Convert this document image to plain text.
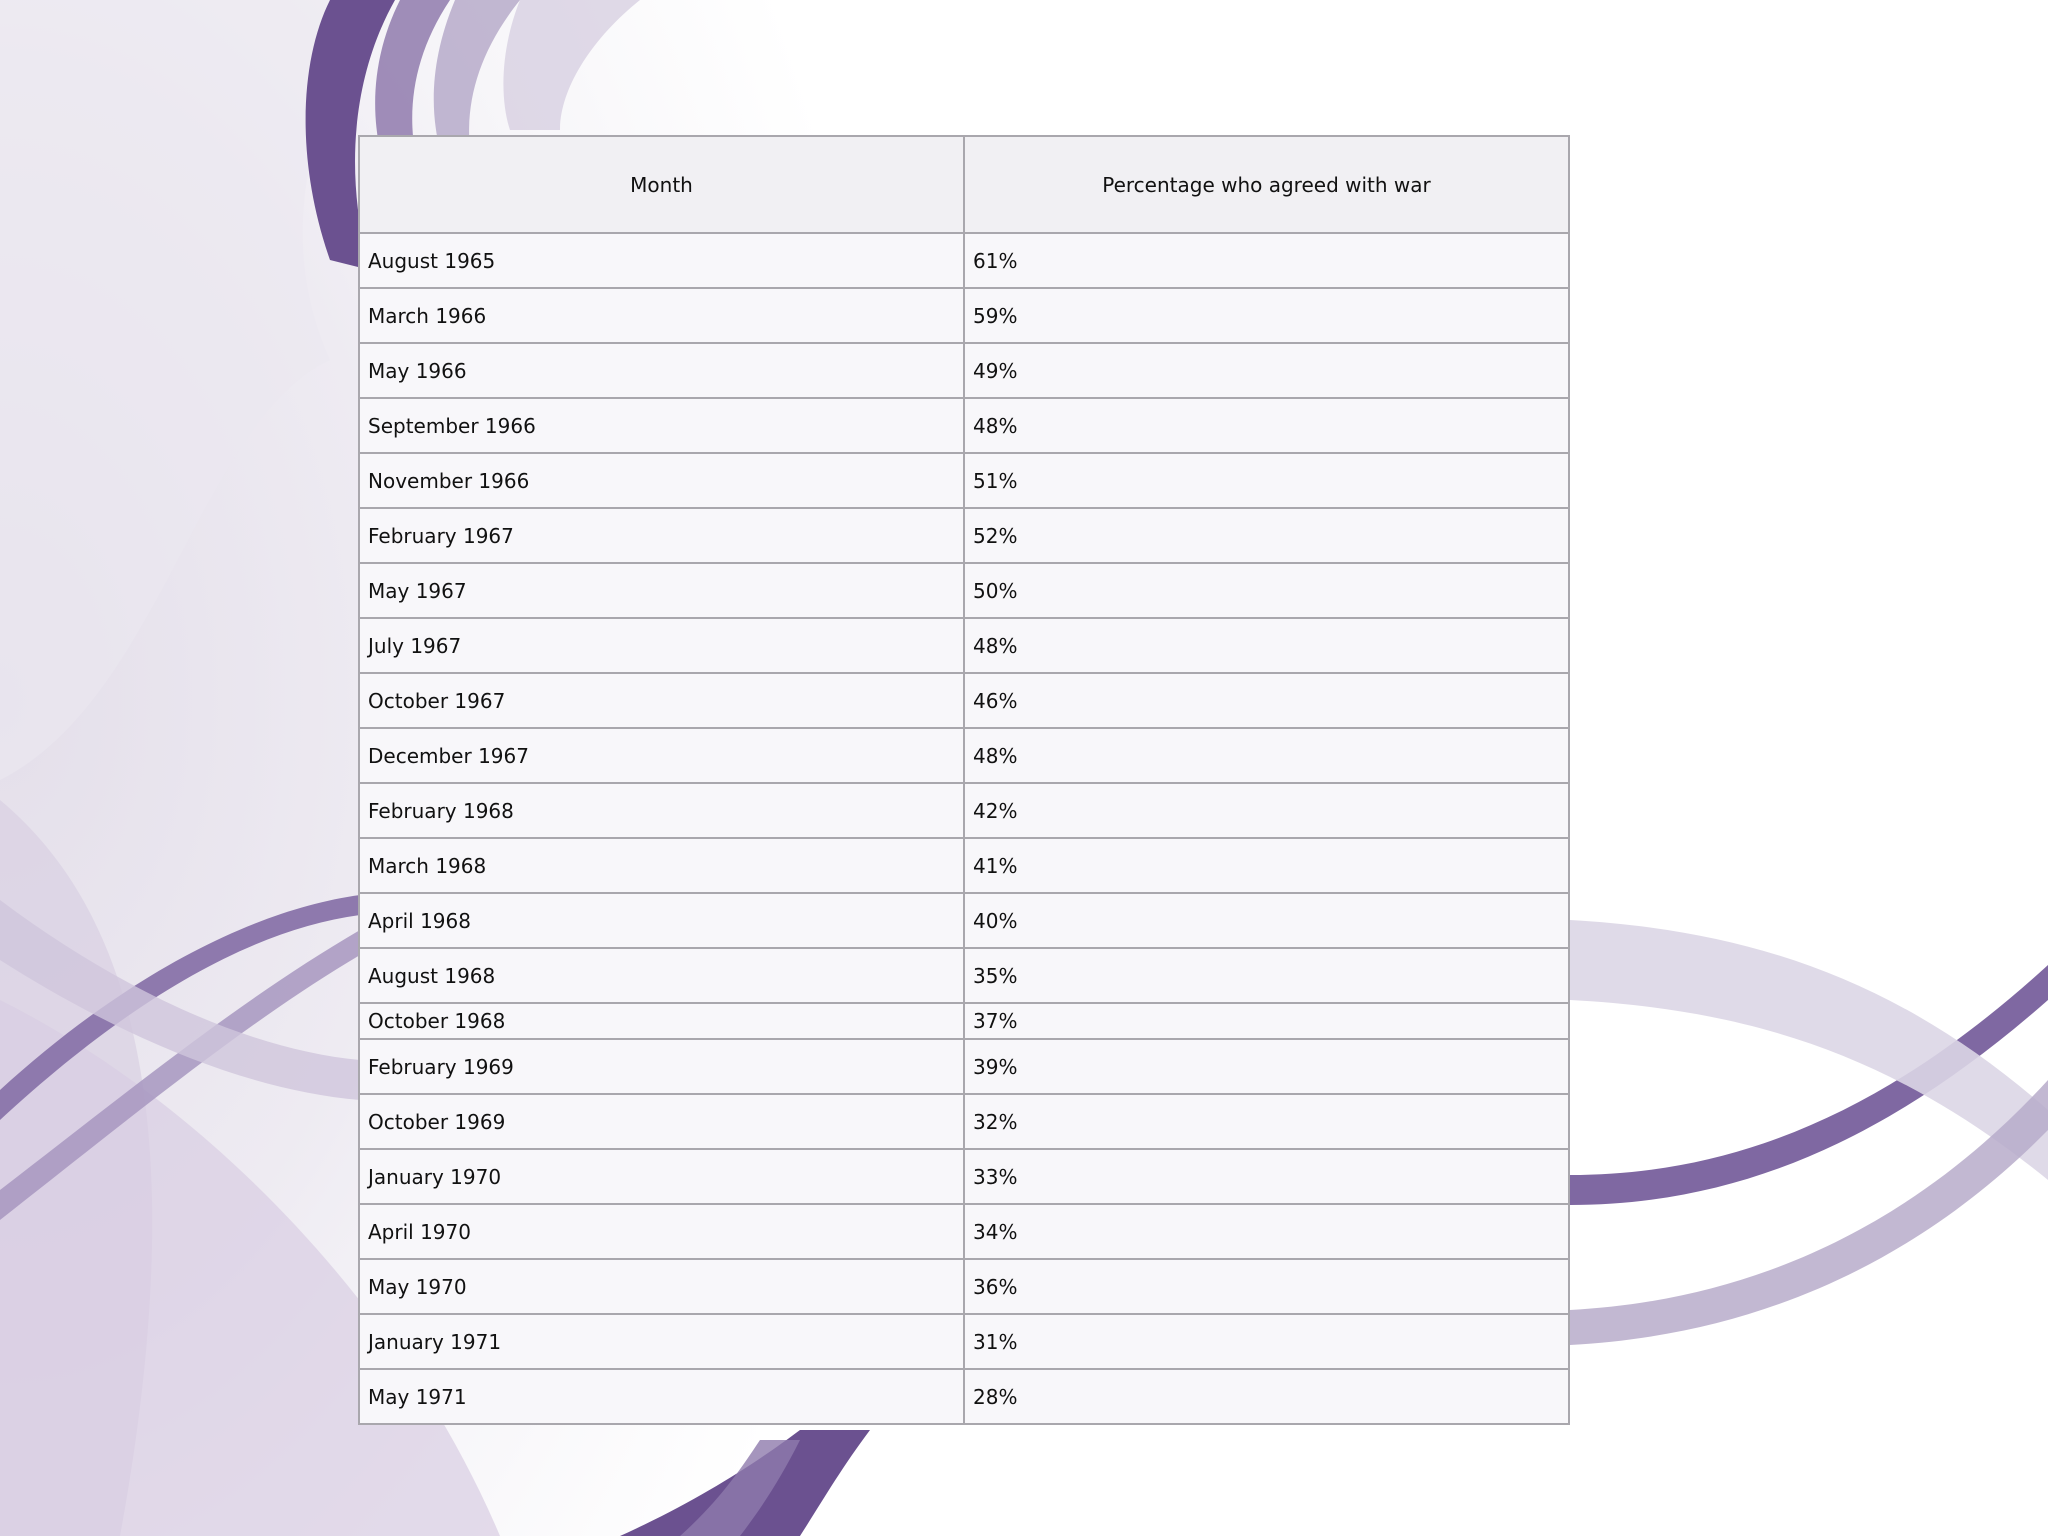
Month	Percentage who agreed with war
August 1965	61%
March 1966	59%
May 1966	49%
September 1966	48%
November 1966	51%
February 1967	52%
May 1967	50%
July 1967	48%
October 1967	46%
December 1967	48%
February 1968	42%
March 1968	41%
April 1968	40%
August 1968	35%
October 1968	37%
February 1969	39%
October 1969	32%
January 1970	33%
April 1970	34%
May 1970	36%
January 1971	31%
May 1971	28%
